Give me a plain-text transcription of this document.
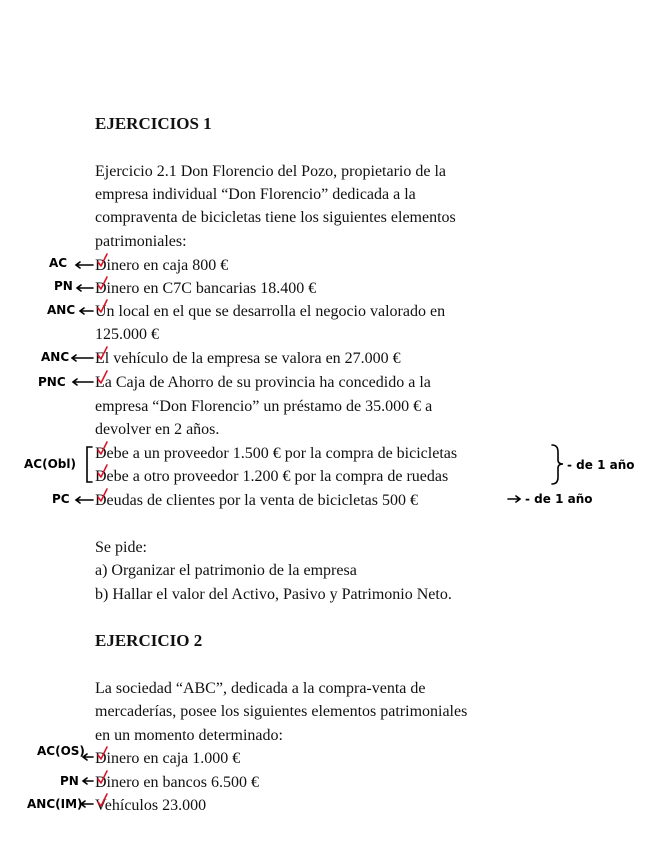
EJERCICIOS 1
Ejercicio 2.1 Don Florencio del Pozo, propietario de la
empresa individual “Don Florencio” dedicada a la
compraventa de bicicletas tiene los siguientes elementos
patrimoniales:
Dinero en caja 800 €
Dinero en C7C bancarias 18.400 €
Un local en el que se desarrolla el negocio valorado en
125.000 €
El vehículo de la empresa se valora en 27.000 €
La Caja de Ahorro de su provincia ha concedido a la
empresa “Don Florencio” un préstamo de 35.000 € a
devolver en 2 años.
Debe a un proveedor 1.500 € por la compra de bicicletas
Debe a otro proveedor 1.200 € por la compra de ruedas
Deudas de clientes por la venta de bicicletas 500 €
Se pide:
a) Organizar el patrimonio de la empresa
b) Hallar el valor del Activo, Pasivo y Patrimonio Neto.
EJERCICIO 2
La sociedad “ABC”, dedicada a la compra-venta de
mercaderías, posee los siguientes elementos patrimoniales
en un momento determinado:
Dinero en caja 1.000 €
Dinero en bancos 6.500 €
Vehículos 23.000
AC
PN
ANC
ANC
PNC
AC(Obl)
PC
- de 1 año
- de 1 año
AC(OS)
PN
ANC(IM)
